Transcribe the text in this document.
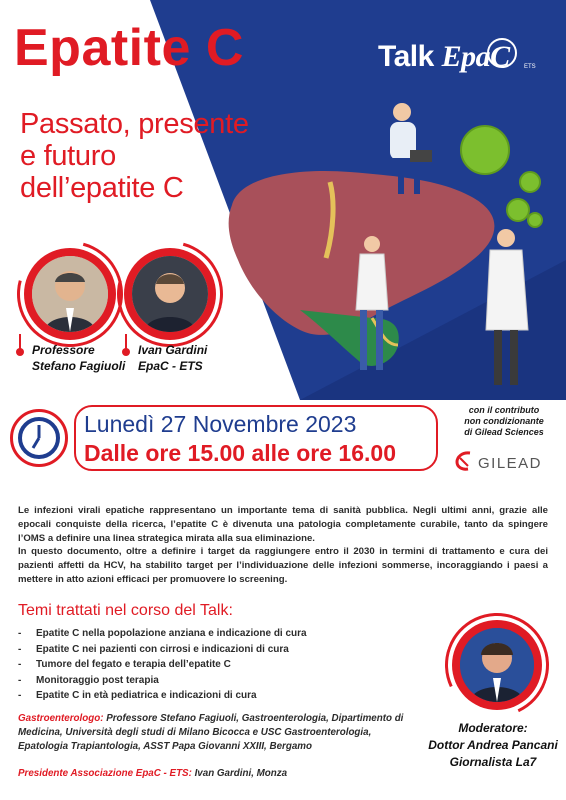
Epatite C	Talk EpaC ETS
Passato, presente
e futuro
dell’epatite C
Professore
Stefano Fagiuoli
Ivan Gardini
EpaC - ETS
Lunedì 27 Novembre 2023
Dalle ore 15.00 alle ore 16.00
con il contributo
non condizionante
di Gilead Sciences
GILEAD

Le infezioni virali epatiche rappresentano un importante tema di sanità pubblica. Negli ultimi anni, grazie alle epocali conquiste della ricerca, l’epatite C è divenuta una patologia completamente curabile, tanto da spingere l’OMS a definire una linea strategica mirata alla sua eliminazione.

In questo documento, oltre a definire i target da raggiungere entro il 2030 in termini di trattamento e cura dei pazienti affetti da HCV, ha stabilito target per l’individuazione delle infezioni sommerse, incoraggiando i paesi a mettere in atto azioni efficaci per promuovere lo screening.

Temi trattati nel corso del Talk:
- Epatite C nella popolazione anziana e indicazione di cura
- Epatite C nei pazienti con cirrosi e indicazioni di cura
- Tumore del fegato e terapia dell’epatite C
- Monitoraggio post terapia
- Epatite C in età pediatrica e indicazioni di cura
Moderatore:
Dottor Andrea Pancani
Giornalista La7
Gastroenterologo: Professore Stefano Fagiuoli, Gastroenterologia, Dipartimento di Medicina, Università degli studi di Milano Bicocca e USC Gastroenterologia, Epatologia Trapiantologia, ASST Papa Giovanni XXIII, Bergamo
Presidente Associazione EpaC - ETS: Ivan Gardini, Monza
